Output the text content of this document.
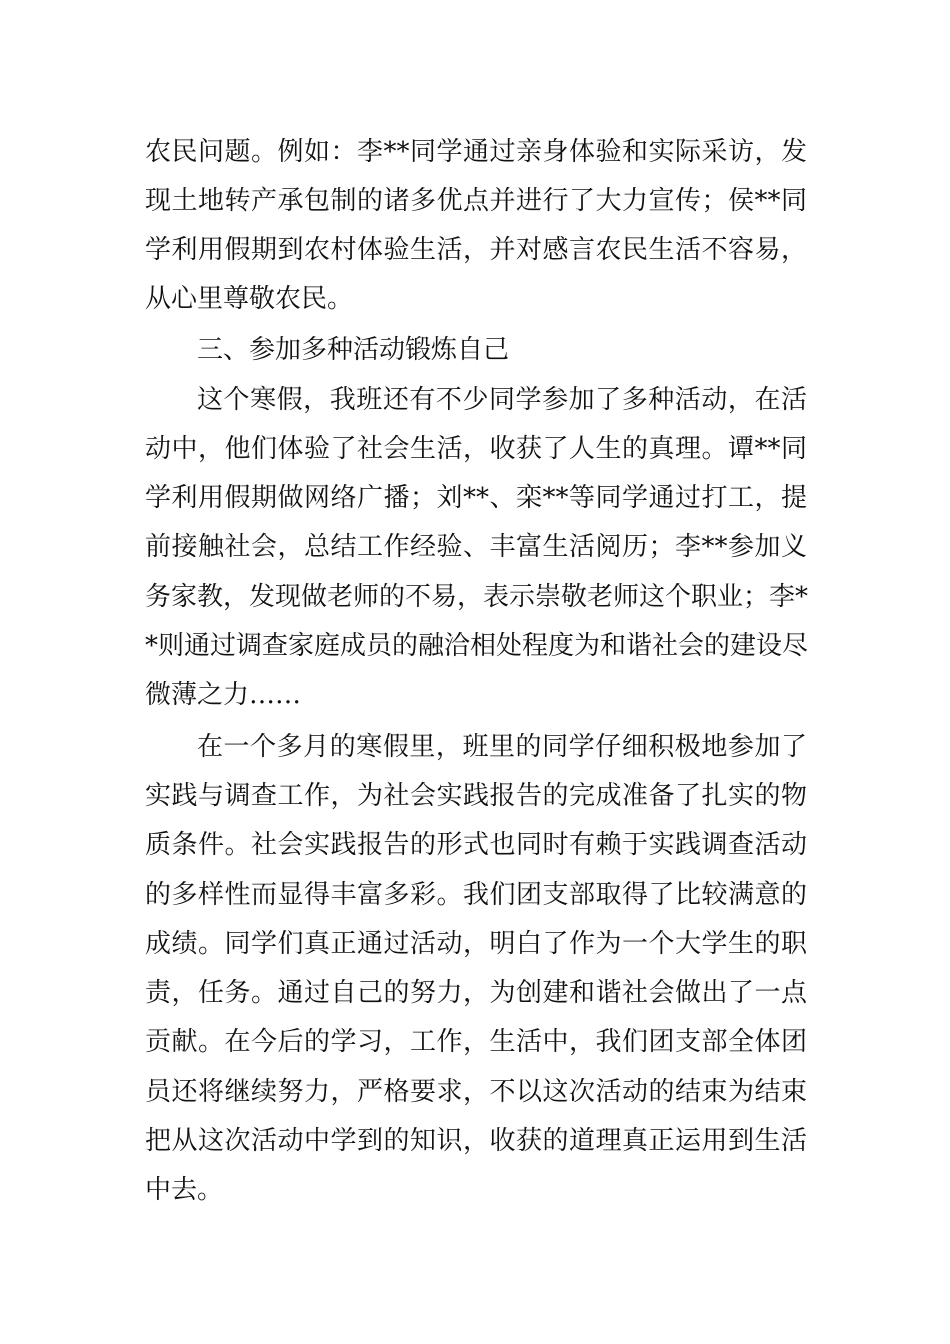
农民问题。例如：李**同学通过亲身体验和实际采访，发

现土地转产承包制的诸多优点并进行了大力宣传；侯**同

学利用假期到农村体验生活，并对感言农民生活不容易，

从心里尊敬农民。

三、参加多种活动锻炼自己

这个寒假，我班还有不少同学参加了多种活动，在活

动中，他们体验了社会生活，收获了人生的真理。谭**同

学利用假期做网络广播；刘**、栾**等同学通过打工，提

前接触社会，总结工作经验、丰富生活阅历；李**参加义

务家教，发现做老师的不易，表示崇敬老师这个职业；李*

*则通过调查家庭成员的融洽相处程度为和谐社会的建设尽

微薄之力……

在一个多月的寒假里，班里的同学仔细积极地参加了

实践与调查工作，为社会实践报告的完成准备了扎实的物

质条件。社会实践报告的形式也同时有赖于实践调查活动

的多样性而显得丰富多彩。我们团支部取得了比较满意的

成绩。同学们真正通过活动，明白了作为一个大学生的职

责，任务。通过自己的努力，为创建和谐社会做出了一点

贡献。在今后的学习，工作，生活中，我们团支部全体团

员还将继续努力，严格要求，不以这次活动的结束为结束

把从这次活动中学到的知识，收获的道理真正运用到生活

中去。
